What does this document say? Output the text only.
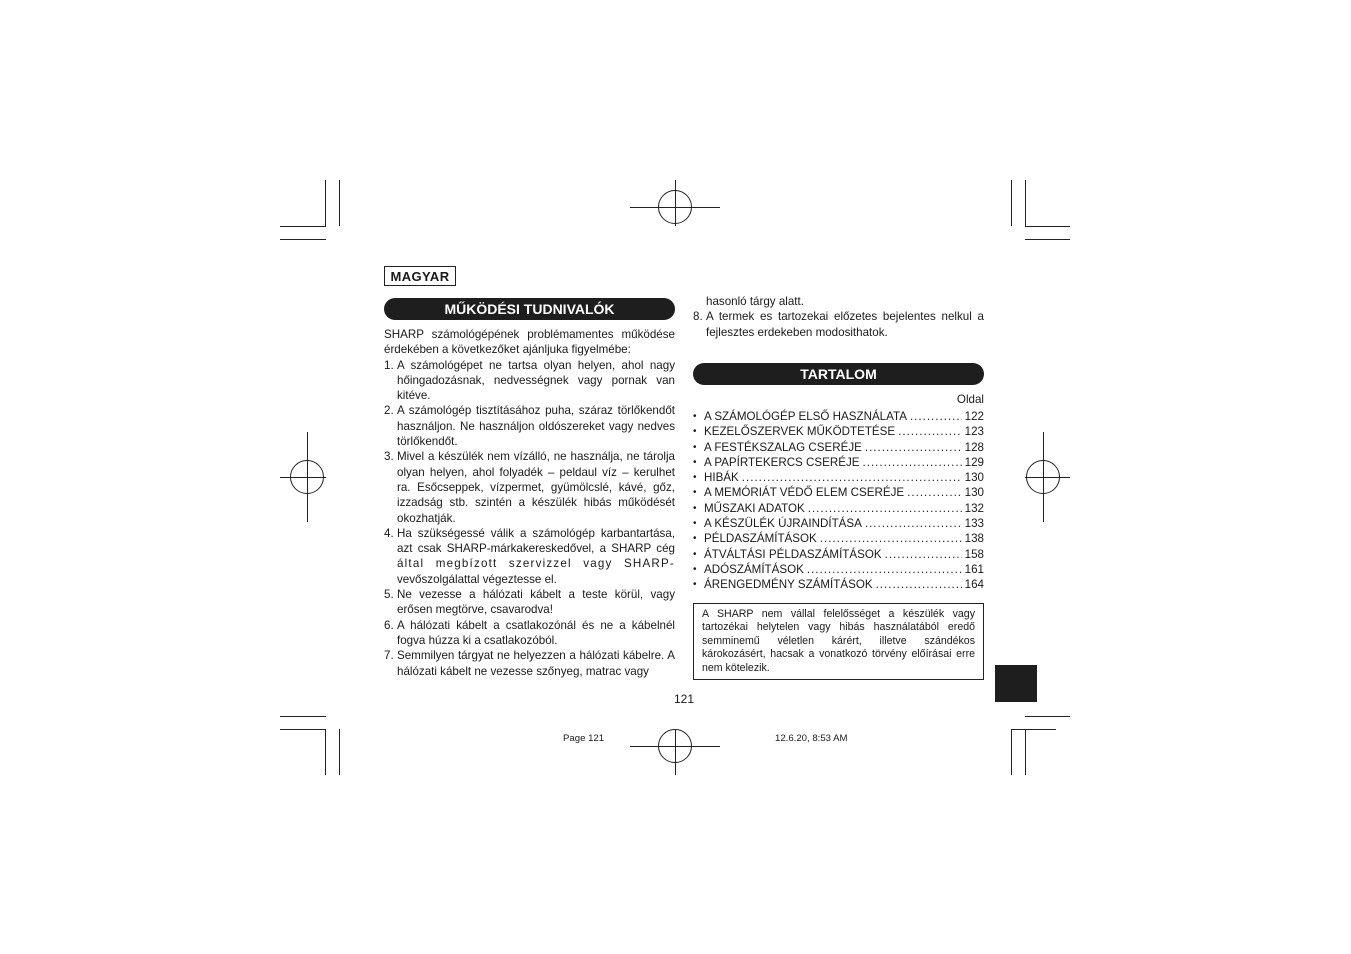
MAGYAR
MŰKÖDÉSI TUDNIVALÓK

SHARP számológépének problémamentes működése érdekében a következőket ajánljuka figyelmébe:

1. A számológépet ne tartsa olyan helyen, ahol nagy hőingadozásnak, nedvességnek vagy pornak van kitéve.
2. A számológép tisztításához puha, száraz törlőkendőt használjon. Ne használjon oldószereket vagy nedves törlőkendőt.
3. Mivel a készülék nem vízálló, ne használja, ne tárolja olyan helyen, ahol folyadék – peldaul víz – kerulhet ra. Esőcseppek, vízpermet, gyümölcslé, kávé, gőz, izzadság stb. szintén a készülék hibás működését okozhatják.
4. Ha szükségessé válik a számológép karbantartása, azt csak SHARP-márkakereskedővel, a SHARP cég által megbízott szervizzel vagy SHARP- vevőszolgálattal végeztesse el.
5. Ne vezesse a hálózati kábelt a teste körül, vagy erősen megtörve, csavarodva!
6. A hálózati kábelt a csatlakozónál és ne a kábelnél fogva húzza ki a csatlakozóból.
7. Semmilyen tárgyat ne helyezzen a hálózati kábelre. A hálózati kábelt ne vezesse szőnyeg, matrac vagy
hasonló tárgy alatt.
8. A termek es tartozekai előzetes bejelentes nelkul a fejlesztes erdekeben modosithatok.
TARTALOM
Oldal
• A SZÁMOLÓGÉP ELSŐ HASZNÁLATA .....	122
• KEZELŐSZERVEK MŰKÖDTETÉSE .....	123
• A FESTÉKSZALAG CSERÉJE .....	128
• A PAPÍRTEKERCS CSERÉJE .....	129
• HIBÁK .....	130
• A MEMÓRIÁT VÉDŐ ELEM CSERÉJE .....	130
• MŰSZAKI ADATOK .....	132
• A KÉSZÜLÉK ÚJRAINDÍTÁSA .....	133
• PÉLDASZÁMÍTÁSOK .....	138
• ÁTVÁLTÁSI PÉLDASZÁMÍTÁSOK .....	158
• ADÓSZÁMÍTÁSOK .....	161
• ÁRENGEDMÉNY SZÁMÍTÁSOK .....	164
A SHARP nem vállal felelősséget a készülék vagy tartozékai helytelen vagy hibás használatából eredő semminemű véletlen kárért, illetve szándékos károkozásért, hacsak a vonatkozó törvény előírásai erre nem kötelezik.
121
Page 121	12.6.20, 8:53 AM
